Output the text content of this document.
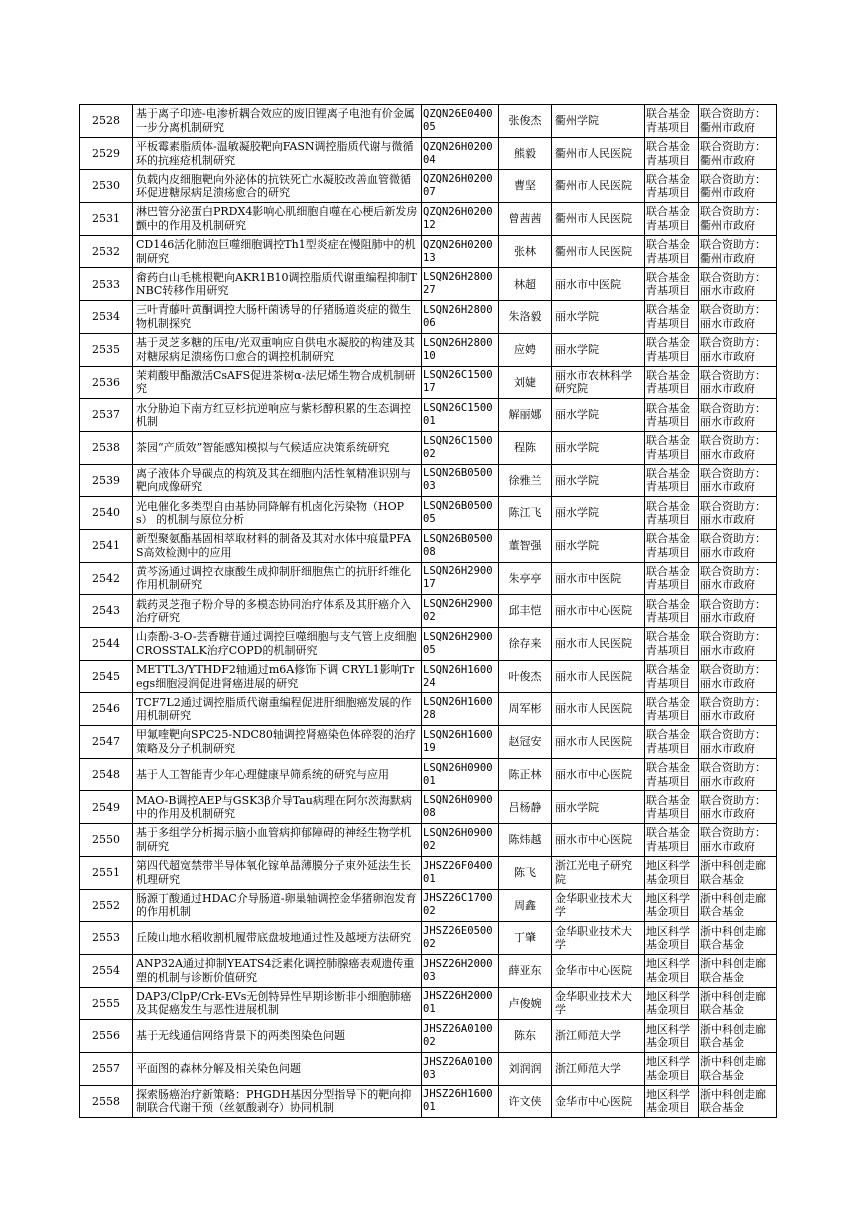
2528	基于离子印迹-电渗析耦合效应的废旧锂离子电池有价金属一步分离机制研究	QZQN26E040005	张俊杰	衢州学院	联合基金青基项目	联合资助方：衢州市政府
2529	平板霉素脂质体-温敏凝胶靶向FASN调控脂质代谢与微循环的抗痤疮机制研究	QZQN26H020004	熊毅	衢州市人民医院	联合基金青基项目	联合资助方：衢州市政府
2530	负载内皮细胞靶向外泌体的抗铁死亡水凝胶改善血管微循环促进糖尿病足溃疡愈合的研究	QZQN26H020007	曹坚	衢州市人民医院	联合基金青基项目	联合资助方：衢州市政府
2531	淋巴管分泌蛋白PRDX4影响心肌细胞自噬在心梗后新发房颤中的作用及机制研究	QZQN26H020012	曾茜茜	衢州市人民医院	联合基金青基项目	联合资助方：衢州市政府
2532	CD146活化肺泡巨噬细胞调控Th1型炎症在慢阻肺中的机制研究	QZQN26H020013	张林	衢州市人民医院	联合基金青基项目	联合资助方：衢州市政府
2533	畲药白山毛桃根靶向AKR1B10调控脂质代谢重编程抑制TNBC转移作用研究	LSQN26H280027	林超	丽水市中医院	联合基金青基项目	联合资助方：丽水市政府
2534	三叶青藤叶黄酮调控大肠杆菌诱导的仔猪肠道炎症的微生物机制探究	LSQN26H280006	朱洛毅	丽水学院	联合基金青基项目	联合资助方：丽水市政府
2535	基于灵芝多糖的压电/光双重响应自供电水凝胶的构建及其对糖尿病足溃疡伤口愈合的调控机制研究	LSQN26H280010	应娉	丽水学院	联合基金青基项目	联合资助方：丽水市政府
2536	茉莉酸甲酯激活CsAFS促进茶树α-法尼烯生物合成机制研究	LSQN26C150017	刘婕	丽水市农林科学研究院	联合基金青基项目	联合资助方：丽水市政府
2537	水分胁迫下南方红豆杉抗逆响应与紫杉醇积累的生态调控机制	LSQN26C150001	解丽娜	丽水学院	联合基金青基项目	联合资助方：丽水市政府
2538	茶园“产质效”智能感知模拟与气候适应决策系统研究	LSQN26C150002	程陈	丽水学院	联合基金青基项目	联合资助方：丽水市政府
2539	离子液体介导碳点的构筑及其在细胞内活性氧精准识别与靶向成像研究	LSQN26B050003	徐雅兰	丽水学院	联合基金青基项目	联合资助方：丽水市政府
2540	光电催化多类型自由基协同降解有机卤化污染物（HOPs） 的机制与原位分析	LSQN26B050005	陈江飞	丽水学院	联合基金青基项目	联合资助方：丽水市政府
2541	新型聚氨酯基固相萃取材料的制备及其对水体中痕量PFAS高效检测中的应用	LSQN26B050008	董智强	丽水学院	联合基金青基项目	联合资助方：丽水市政府
2542	黄芩汤通过调控衣康酸生成抑制肝细胞焦亡的抗肝纤维化作用机制研究	LSQN26H290017	朱亭亭	丽水市中医院	联合基金青基项目	联合资助方：丽水市政府
2543	载药灵芝孢子粉介导的多模态协同治疗体系及其肝癌介入治疗研究	LSQN26H290002	邱丰恺	丽水市中心医院	联合基金青基项目	联合资助方：丽水市政府
2544	山柰酚-3-O-芸香糖苷通过调控巨噬细胞与支气管上皮细胞CROSSTALK治疗COPD的机制研究	LSQN26H290005	徐存来	丽水市人民医院	联合基金青基项目	联合资助方：丽水市政府
2545	METTL3/YTHDF2轴通过m6A修饰下调 CRYL1影响Tregs细胞浸润促进肾癌进展的研究	LSQN26H160024	叶俊杰	丽水市人民医院	联合基金青基项目	联合资助方：丽水市政府
2546	TCF7L2通过调控脂质代谢重编程促进肝细胞癌发展的作用机制研究	LSQN26H160028	周军彬	丽水市人民医院	联合基金青基项目	联合资助方：丽水市政府
2547	甲氟喹靶向SPC25-NDC80轴调控肾癌染色体碎裂的治疗策略及分子机制研究	LSQN26H160019	赵冠安	丽水市人民医院	联合基金青基项目	联合资助方：丽水市政府
2548	基于人工智能青少年心理健康早筛系统的研究与应用	LSQN26H090001	陈正林	丽水市中心医院	联合基金青基项目	联合资助方：丽水市政府
2549	MAO-B调控AEP与GSK3β介导Tau病理在阿尔茨海默病中的作用及机制研究	LSQN26H090008	吕杨静	丽水学院	联合基金青基项目	联合资助方：丽水市政府
2550	基于多组学分析揭示脑小血管病抑郁障碍的神经生物学机制研究	LSQN26H090002	陈炜越	丽水市中心医院	联合基金青基项目	联合资助方：丽水市政府
2551	第四代超宽禁带半导体氧化镓单晶薄膜分子束外延法生长机理研究	JHSZ26F040001	陈飞	浙江光电子研究院	地区科学基金项目	浙中科创走廊联合基金
2552	肠源丁酸通过HDAC介导肠道-卵巢轴调控金华猪卵泡发育的作用机制	JHSZ26C170002	周鑫	金华职业技术大学	地区科学基金项目	浙中科创走廊联合基金
2553	丘陵山地水稻收割机履带底盘坡地通过性及越埂方法研究	JHSZ26E050002	丁肇	金华职业技术大学	地区科学基金项目	浙中科创走廊联合基金
2554	ANP32A通过抑制YEATS4泛素化调控肺腺癌表观遗传重塑的机制与诊断价值研究	JHSZ26H200003	薛亚东	金华市中心医院	地区科学基金项目	浙中科创走廊联合基金
2555	DAP3/ClpP/Crk-EVs无创特异性早期诊断非小细胞肺癌及其促癌发生与恶性进展机制	JHSZ26H200001	卢俊婉	金华职业技术大学	地区科学基金项目	浙中科创走廊联合基金
2556	基于无线通信网络背景下的两类图染色问题	JHSZ26A010002	陈东	浙江师范大学	地区科学基金项目	浙中科创走廊联合基金
2557	平面图的森林分解及相关染色问题	JHSZ26A010003	刘润润	浙江师范大学	地区科学基金项目	浙中科创走廊联合基金
2558	探索肠癌治疗新策略：PHGDH基因分型指导下的靶向抑制联合代谢干预（丝氨酸剥夺）协同机制	JHSZ26H160001	许文侠	金华市中心医院	地区科学基金项目	浙中科创走廊联合基金
